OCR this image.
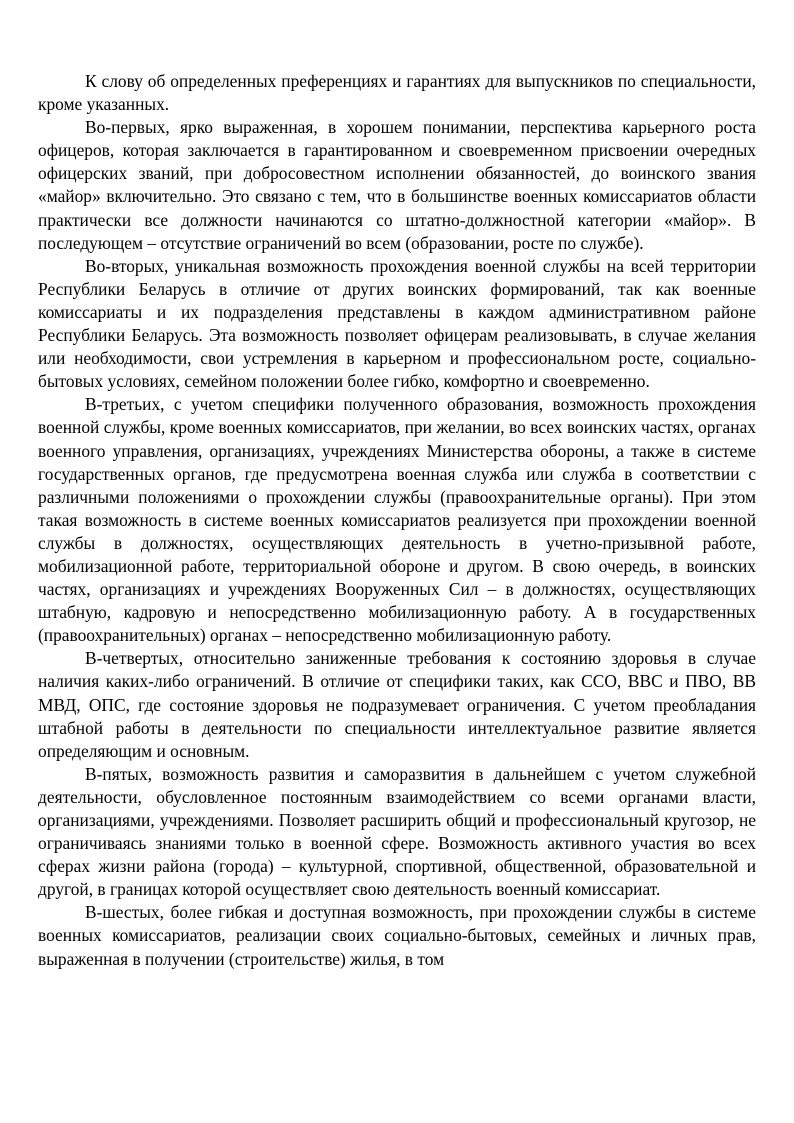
К слову об определенных преференциях и гарантиях для выпускников по специальности, кроме указанных.

Во-первых, ярко выраженная, в хорошем понимании, перспектива карьерного роста офицеров, которая заключается в гарантированном и своевременном присвоении очередных офицерских званий, при добросовестном исполнении обязанностей, до воинского звания «майор» включительно. Это связано с тем, что в большинстве военных комиссариатов области практически все должности начинаются со штатно-должностной категории «майор». В последующем – отсутствие ограничений во всем (образовании, росте по службе).

Во-вторых, уникальная возможность прохождения военной службы на всей территории Республики Беларусь в отличие от других воинских формирований, так как военные комиссариаты и их подразделения представлены в каждом административном районе Республики Беларусь. Эта возможность позволяет офицерам реализовывать, в случае желания или необходимости, свои устремления в карьерном и профессиональном росте, социально-бытовых условиях, семейном положении более гибко, комфортно и своевременно.

В-третьих, с учетом специфики полученного образования, возможность прохождения военной службы, кроме военных комиссариатов, при желании, во всех воинских частях, органах военного управления, организациях, учреждениях Министерства обороны, а также в системе государственных органов, где предусмотрена военная служба или служба в соответствии с различными положениями о прохождении службы (правоохранительные органы). При этом такая возможность в системе военных комиссариатов реализуется при прохождении военной службы в должностях, осуществляющих деятельность в учетно-призывной работе, мобилизационной работе, территориальной обороне и другом. В свою очередь, в воинских частях, организациях и учреждениях Вооруженных Сил – в должностях, осуществляющих штабную, кадровую и непосредственно мобилизационную работу. А в государственных (правоохранительных) органах – непосредственно мобилизационную работу.

В-четвертых, относительно заниженные требования к состоянию здоровья в случае наличия каких-либо ограничений. В отличие от специфики таких, как ССО, ВВС и ПВО, ВВ МВД, ОПС, где состояние здоровья не подразумевает ограничения. С учетом преобладания штабной работы в деятельности по специальности интеллектуальное развитие является определяющим и основным.

В-пятых, возможность развития и саморазвития в дальнейшем с учетом служебной деятельности, обусловленное постоянным взаимодействием со всеми органами власти, организациями, учреждениями. Позволяет расширить общий и профессиональный кругозор, не ограничиваясь знаниями только в военной сфере. Возможность активного участия во всех сферах жизни района (города) – культурной, спортивной, общественной, образовательной и другой, в границах которой осуществляет свою деятельность военный комиссариат.

В-шестых, более гибкая и доступная возможность, при прохождении службы в системе военных комиссариатов, реализации своих социально-бытовых, семейных и личных прав, выраженная в получении (строительстве) жилья, в том
